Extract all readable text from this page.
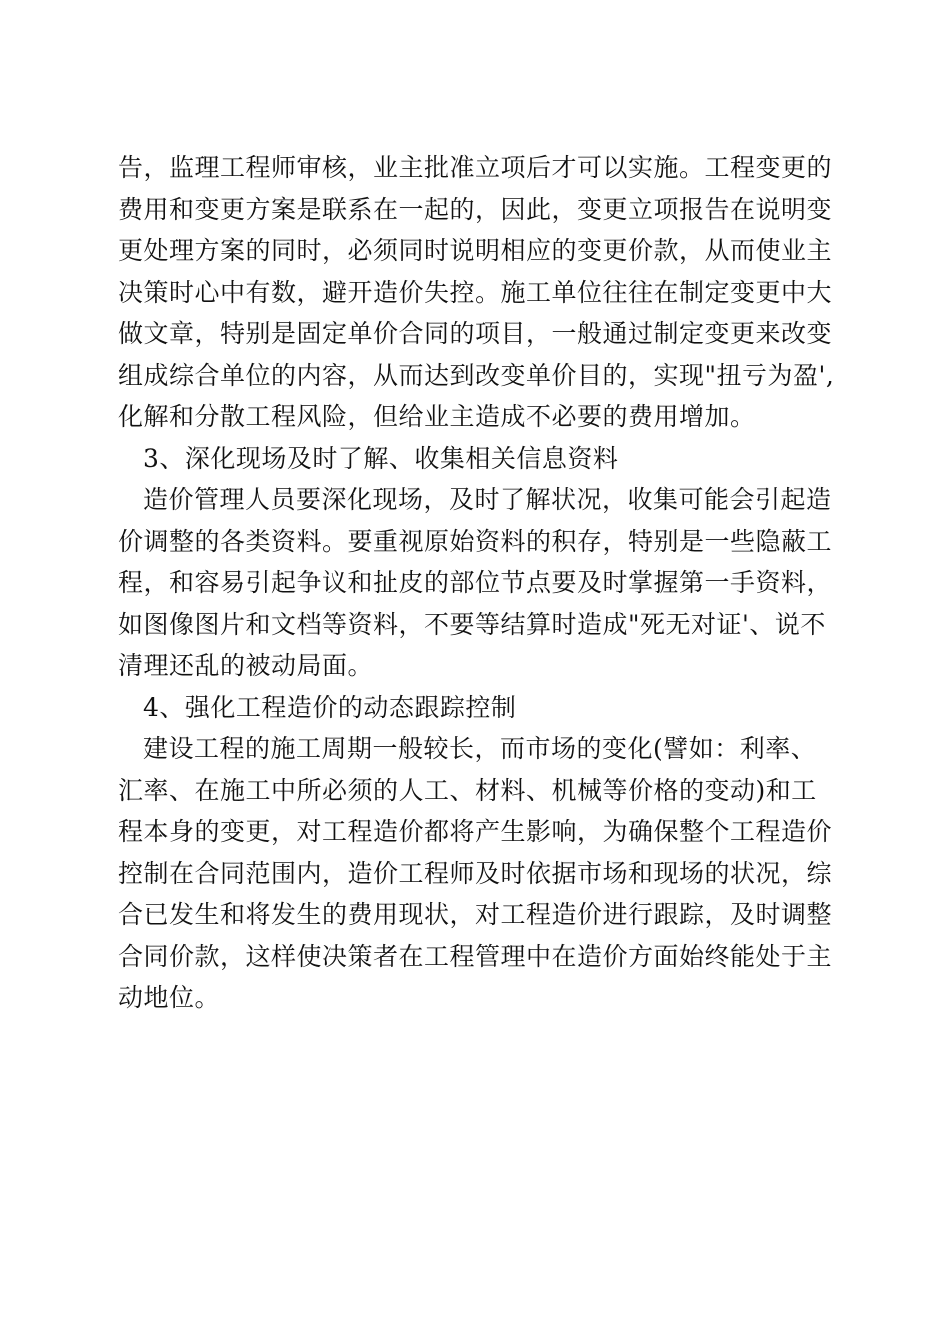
告，监理工程师审核，业主批准立项后才可以实施。工程变更的
费用和变更方案是联系在一起的，因此，变更立项报告在说明变
更处理方案的同时，必须同时说明相应的变更价款，从而使业主
决策时心中有数，避开造价失控。施工单位往往在制定变更中大
做文章，特别是固定单价合同的项目，一般通过制定变更来改变
组成综合单位的内容，从而达到改变单价目的，实现"扭亏为盈',
化解和分散工程风险，但给业主造成不必要的费用增加。
3、深化现场及时了解、收集相关信息资料
造价管理人员要深化现场，及时了解状况，收集可能会引起造
价调整的各类资料。要重视原始资料的积存，特别是一些隐蔽工
程，和容易引起争议和扯皮的部位节点要及时掌握第一手资料，
如图像图片和文档等资料，不要等结算时造成"死无对证'、说不
清理还乱的被动局面。
4、强化工程造价的动态跟踪控制
建设工程的施工周期一般较长，而市场的变化(譬如：利率、
汇率、在施工中所必须的人工、材料、机械等价格的变动)和工
程本身的变更，对工程造价都将产生影响，为确保整个工程造价
控制在合同范围内，造价工程师及时依据市场和现场的状况，综
合已发生和将发生的费用现状，对工程造价进行跟踪，及时调整
合同价款，这样使决策者在工程管理中在造价方面始终能处于主
动地位。
